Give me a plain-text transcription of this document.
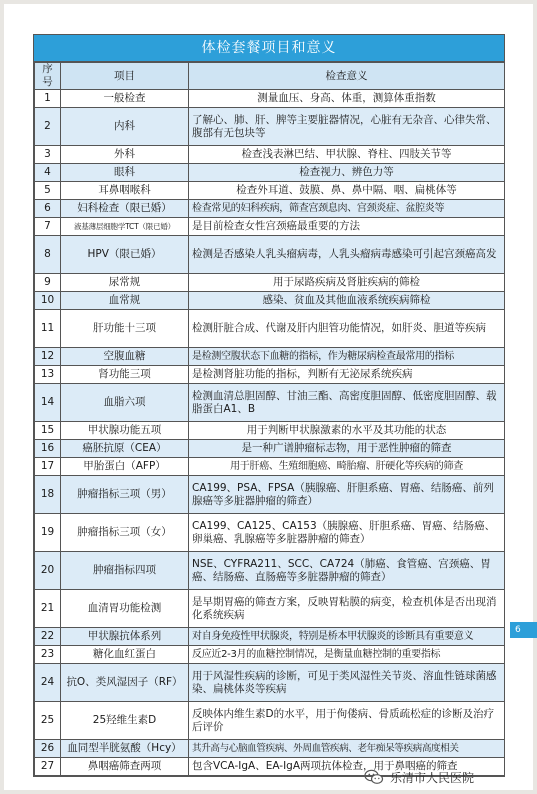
体检套餐项目和意义
序号	项目	检查意义
1	一般检查	测量血压、身高、体重，测算体重指数
2	内科	了解心、肺、肝、脾等主要脏器情况，心脏有无杂音、心律失常、腹部有无包块等
3	外科	检查浅表淋巴结、甲状腺、脊柱、四肢关节等
4	眼科	检查视力、辨色力等
5	耳鼻咽喉科	检查外耳道、鼓膜、鼻、鼻中隔、咽、扁桃体等
6	妇科检查（限已婚）	检查常见的妇科疾病，筛查宫颈息肉、宫颈炎症、盆腔炎等
7	液基薄层细胞学TCT（限已婚）	是目前检查女性宫颈癌最重要的方法
8	HPV（限已婚）	检测是否感染人乳头瘤病毒，人乳头瘤病毒感染可引起宫颈癌高发
9	尿常规	用于尿路疾病及肾脏疾病的筛检
10	血常规	感染、贫血及其他血液系统疾病筛检
11	肝功能十三项	检测肝脏合成、代谢及肝内胆管功能情况，如肝炎、胆道等疾病
12	空腹血糖	是检测空腹状态下血糖的指标，作为糖尿病检查最常用的指标
13	肾功能三项	是检测肾脏功能的指标，判断有无泌尿系统疾病
14	血脂六项	检测血清总胆固醇、甘油三酯、高密度胆固醇、低密度胆固醇、载脂蛋白A1、B
15	甲状腺功能五项	用于判断甲状腺激素的水平及其功能的状态
16	癌胚抗原（CEA）	是一种广谱肿瘤标志物，用于恶性肿瘤的筛查
17	甲胎蛋白（AFP）	用于肝癌、生殖细胞癌、畸胎瘤、肝硬化等疾病的筛查
18	肿瘤指标三项（男）	CA199、PSA、FPSA（胰腺癌、肝胆系癌、胃癌、结肠癌、前列腺癌等多脏器肿瘤的筛查）
19	肿瘤指标三项（女）	CA199、CA125、CA153（胰腺癌、肝胆系癌、胃癌、结肠癌、卵巢癌、乳腺癌等多脏器肿瘤的筛查）
20	肿瘤指标四项	NSE、CYFRA211、SCC、CA724（肺癌、食管癌、宫颈癌、胃癌、结肠癌、直肠癌等多脏器肿瘤的筛查）
21	血清胃功能检测	是早期胃癌的筛查方案，反映胃粘膜的病变，检查机体是否出现消化系统疾病
22	甲状腺抗体系列	对自身免疫性甲状腺炎，特别是桥本甲状腺炎的诊断具有重要意义
23	糖化血红蛋白	反应近2-3月的血糖控制情况，是衡量血糖控制的重要指标
24	抗O、类风湿因子（RF）	用于风湿性疾病的诊断，可见于类风湿性关节炎、溶血性链球菌感染、扁桃体炎等疾病
25	25羟维生素D	反映体内维生素D的水平，用于佝偻病、骨质疏松症的诊断及治疗后评价
26	血同型半胱氨酸（Hcy）	其升高与心脑血管疾病、外周血管疾病、老年痴呆等疾病高度相关
27	鼻咽癌筛查两项	包含VCA-IgA、EA-IgA两项抗体检查，用于鼻咽癌的筛查
6
乐清市人民医院
